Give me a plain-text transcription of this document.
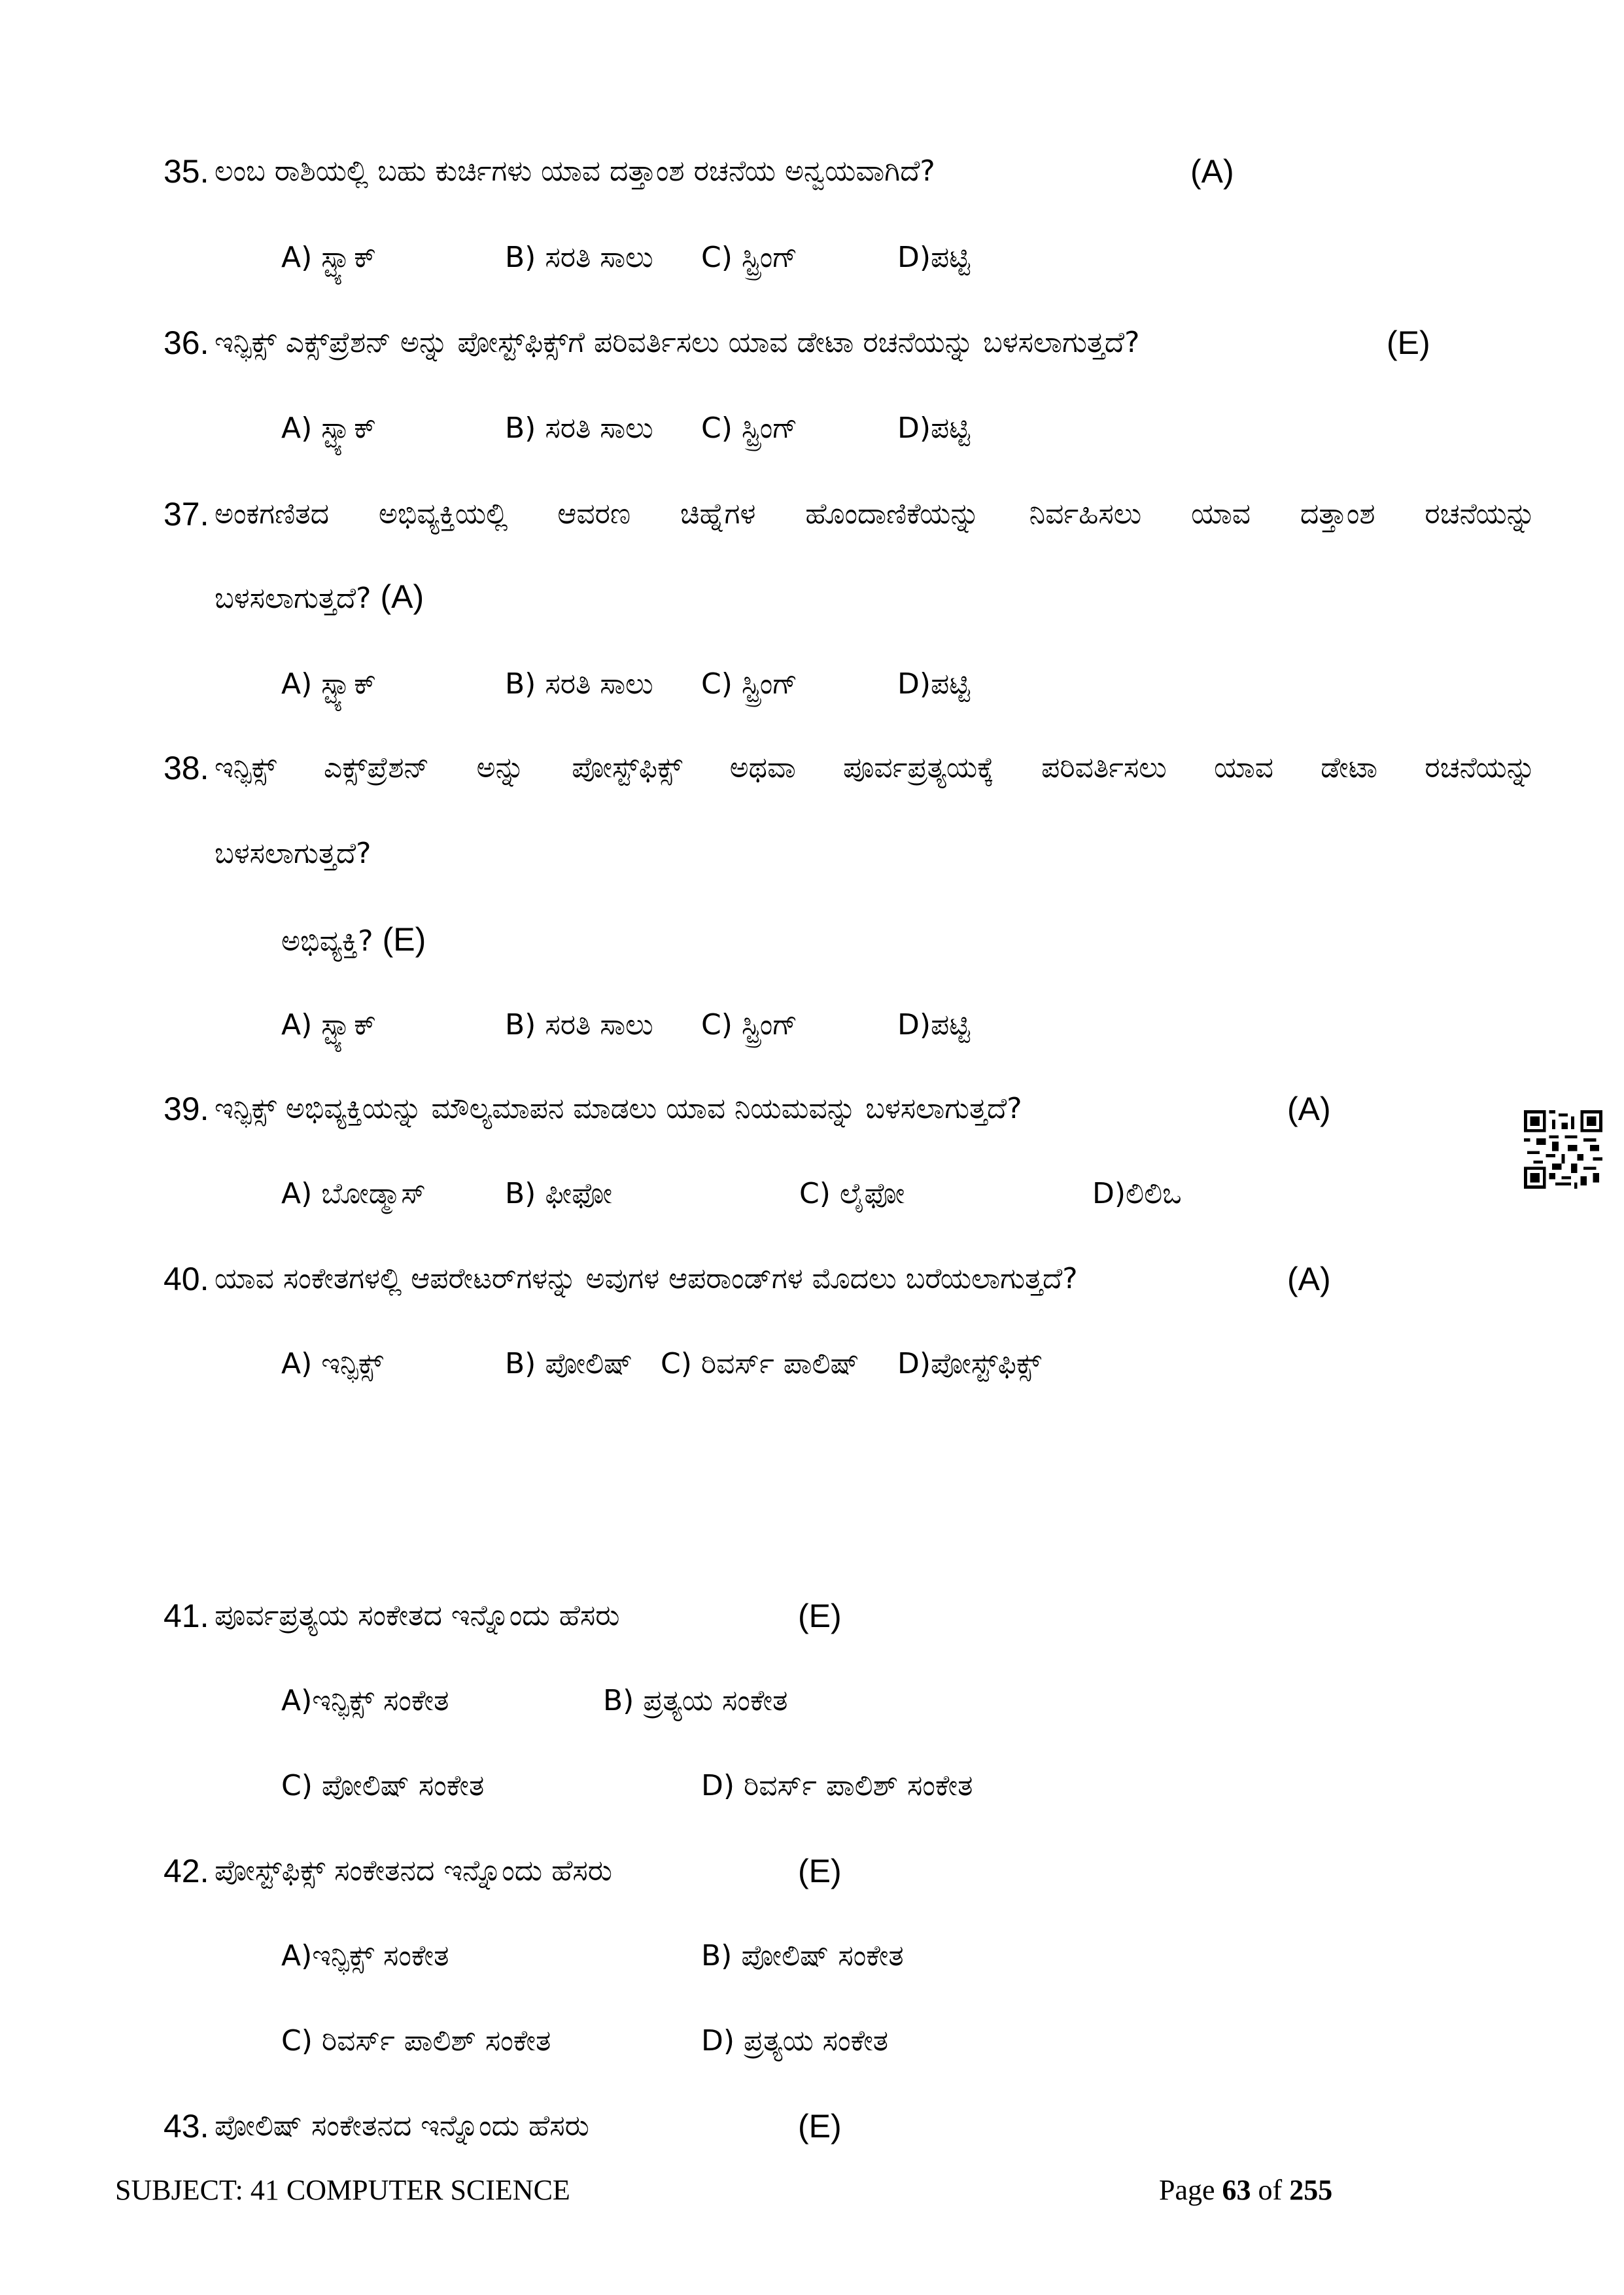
35. ಲಂಬ ರಾಶಿಯಲ್ಲಿ ಬಹು ಕುರ್ಚಿಗಳು ಯಾವ ದತ್ತಾಂಶ ರಚನೆಯ ಅನ್ವಯವಾಗಿದೆ?	(A)
A) ಸ್ಟ್ಯಾಕ್	B) ಸರತಿ ಸಾಲು C) ಸ್ಟ್ರಿಂಗ್	D)ಪಟ್ಟಿ
36. ಇನ್ಫಿಕ್ಸ್ ಎಕ್ಸ್‌ಪ್ರೆಶನ್ ಅನ್ನು ಪೋಸ್ಟ್‌ಫಿಕ್ಸ್‌ಗೆ ಪರಿವರ್ತಿಸಲು ಯಾವ ಡೇಟಾ ರಚನೆಯನ್ನು ಬಳಸಲಾಗುತ್ತದೆ?	(E)
A) ಸ್ಟ್ಯಾಕ್	B) ಸರತಿ ಸಾಲು C) ಸ್ಟ್ರಿಂಗ್	D)ಪಟ್ಟಿ
37. ಅಂಕಗಣಿತದ ಅಭಿವ್ಯಕ್ತಿಯಲ್ಲಿ ಆವರಣ ಚಿಹ್ನೆಗಳ ಹೊಂದಾಣಿಕೆಯನ್ನು ನಿರ್ವಹಿಸಲು ಯಾವ ದತ್ತಾಂಶ ರಚನೆಯನ್ನು
ಬಳಸಲಾಗುತ್ತದೆ? (A)
A) ಸ್ಟ್ಯಾಕ್	B) ಸರತಿ ಸಾಲು C) ಸ್ಟ್ರಿಂಗ್	D)ಪಟ್ಟಿ
38. ಇನ್ಫಿಕ್ಸ್ ಎಕ್ಸ್‌ಪ್ರೆಶನ್ ಅನ್ನು ಪೋಸ್ಟ್‌ಫಿಕ್ಸ್ ಅಥವಾ ಪೂರ್ವಪ್ರತ್ಯಯಕ್ಕೆ ಪರಿವರ್ತಿಸಲು ಯಾವ ಡೇಟಾ ರಚನೆಯನ್ನು
ಬಳಸಲಾಗುತ್ತದೆ?
ಅಭಿವ್ಯಕ್ತಿ? (E)
A) ಸ್ಟ್ಯಾಕ್	B) ಸರತಿ ಸಾಲು C) ಸ್ಟ್ರಿಂಗ್	D)ಪಟ್ಟಿ
39. ಇನ್ಫಿಕ್ಸ್ ಅಭಿವ್ಯಕ್ತಿಯನ್ನು ಮೌಲ್ಯಮಾಪನ ಮಾಡಲು ಯಾವ ನಿಯಮವನ್ನು ಬಳಸಲಾಗುತ್ತದೆ?	(A)
A) ಬೋಡ್ಮಾಸ್	B) ಫೀಫೋ	C) ಲೈಫೋ	D)ಲಿಲಿಒ
40. ಯಾವ ಸಂಕೇತಗಳಲ್ಲಿ ಆಪರೇಟರ್‌ಗಳನ್ನು ಅವುಗಳ ಆಪರಾಂಡ್‌ಗಳ ಮೊದಲು ಬರೆಯಲಾಗುತ್ತದೆ?	(A)
A) ಇನ್ಫಿಕ್ಸ್	B) ಪೋಲಿಷ್ C) ರಿವರ್ಸ್ ಪಾಲಿಷ್ D)ಪೋಸ್ಟ್‌ಫಿಕ್ಸ್
41. ಪೂರ್ವಪ್ರತ್ಯಯ ಸಂಕೇತದ ಇನ್ನೊಂದು ಹೆಸರು	(E)
A)ಇನ್ಫಿಕ್ಸ್ ಸಂಕೇತ	B) ಪ್ರತ್ಯಯ ಸಂಕೇತ
C) ಪೋಲಿಷ್ ಸಂಕೇತ	D) ರಿವರ್ಸ್ ಪಾಲಿಶ್ ಸಂಕೇತ
42. ಪೋಸ್ಟ್‌ಫಿಕ್ಸ್ ಸಂಕೇತನದ ಇನ್ನೊಂದು ಹೆಸರು	(E)
A)ಇನ್ಫಿಕ್ಸ್ ಸಂಕೇತ	B) ಪೋಲಿಷ್ ಸಂಕೇತ
C) ರಿವರ್ಸ್ ಪಾಲಿಶ್ ಸಂಕೇತ	D) ಪ್ರತ್ಯಯ ಸಂಕೇತ
43. ಪೋಲಿಷ್ ಸಂಕೇತನದ ಇನ್ನೊಂದು ಹೆಸರು	(E)
SUBJECT: 41 COMPUTER SCIENCE	Page 63 of 255
